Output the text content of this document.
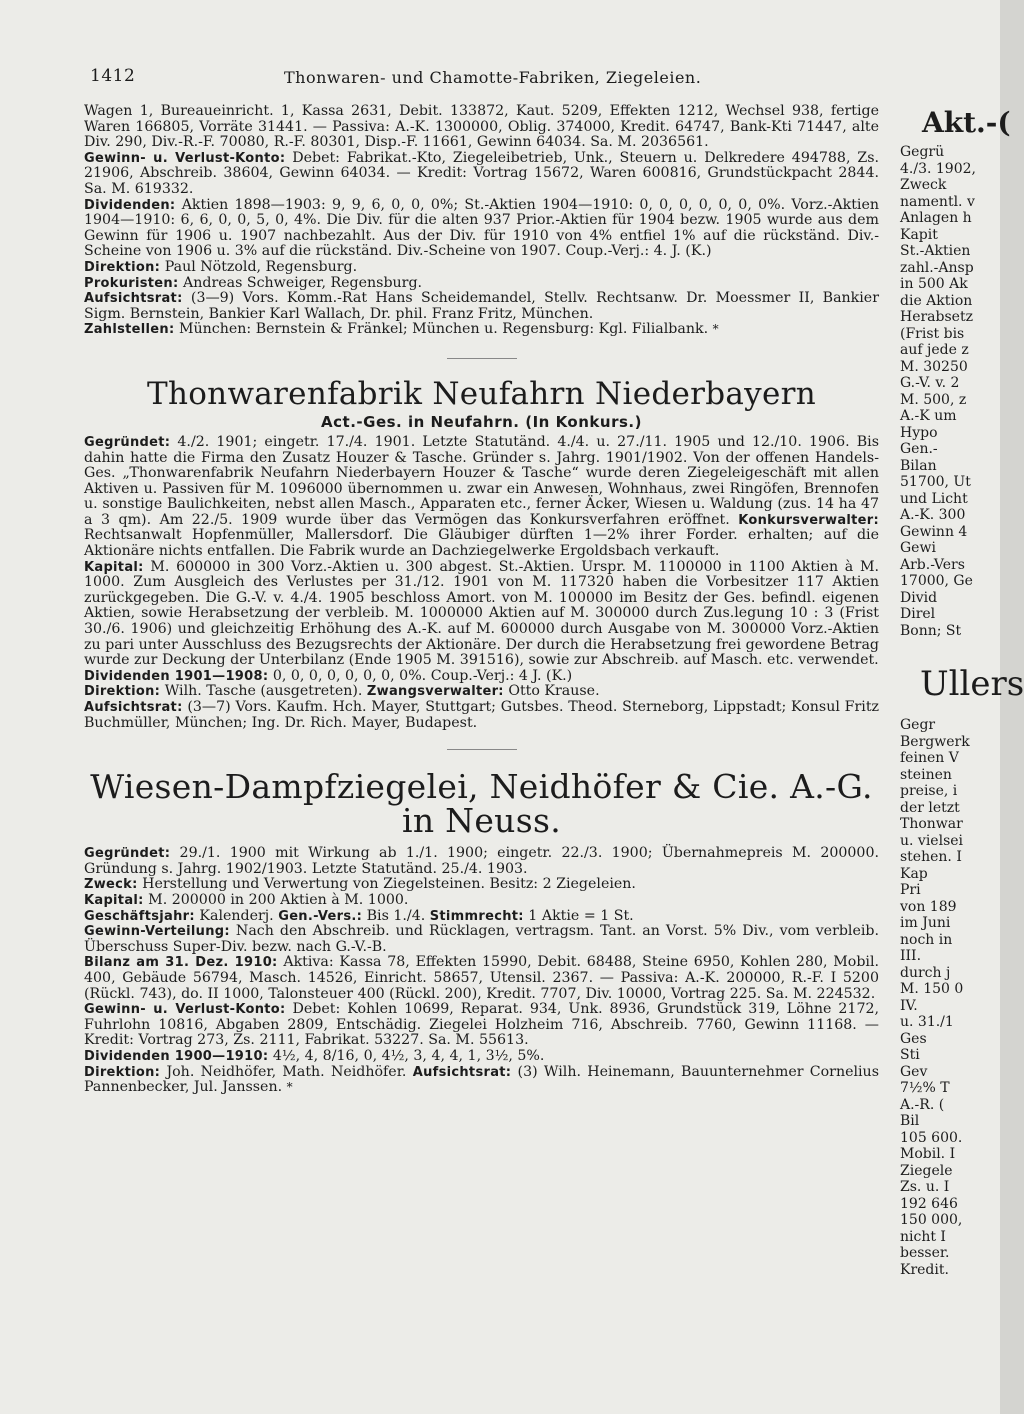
1412	Thonwaren- und Chamotte-Fabriken, Ziegeleien.

Wagen 1, Bureaueinricht. 1, Kassa 2631, Debit. 133872, Kaut. 5209, Effekten 1212, Wechsel 938, fertige Waren 166805, Vorräte 31441. — Passiva: A.-K. 1300000, Oblig. 374000, Kredit. 64747, Bank-Kti 71447, alte Div. 290, Div.-R.-F. 70080, R.-F. 80301, Disp.-F. 11661, Gewinn 64034. Sa. M. 2036561.

Gewinn- u. Verlust-Konto: Debet: Fabrikat.-Kto, Ziegeleibetrieb, Unk., Steuern u. Delkredere 494788, Zs. 21906, Abschreib. 38604, Gewinn 64034. — Kredit: Vortrag 15672, Waren 600816, Grundstückpacht 2844. Sa. M. 619332.

Dividenden: Aktien 1898—1903: 9, 9, 6, 0, 0, 0%; St.-Aktien 1904—1910: 0, 0, 0, 0, 0, 0, 0%. Vorz.-Aktien 1904—1910: 6, 6, 0, 0, 5, 0, 4%. Die Div. für die alten 937 Prior.-Aktien für 1904 bezw. 1905 wurde aus dem Gewinn für 1906 u. 1907 nachbezahlt. Aus der Div. für 1910 von 4% entfiel 1% auf die rückständ. Div.-Scheine von 1906 u. 3% auf die rückständ. Div.-Scheine von 1907. Coup.-Verj.: 4. J. (K.)

Direktion: Paul Nötzold, Regensburg.

Prokuristen: Andreas Schweiger, Regensburg.

Aufsichtsrat: (3—9) Vors. Komm.-Rat Hans Scheidemandel, Stellv. Rechtsanw. Dr. Moessmer II, Bankier Sigm. Bernstein, Bankier Karl Wallach, Dr. phil. Franz Fritz, München.

Zahlstellen: München: Bernstein & Fränkel; München u. Regensburg: Kgl. Filialbank. *

Thonwarenfabrik Neufahrn Niederbayern
Act.-Ges. in Neufahrn. (In Konkurs.)

Gegründet: 4./2. 1901; eingetr. 17./4. 1901. Letzte Statutänd. 4./4. u. 27./11. 1905 und 12./10. 1906. Bis dahin hatte die Firma den Zusatz Houzer & Tasche. Gründer s. Jahrg. 1901/1902. Von der offenen Handels-Ges. „Thonwarenfabrik Neufahrn Niederbayern Houzer & Tasche“ wurde deren Ziegeleigeschäft mit allen Aktiven u. Passiven für M. 1096000 übernommen u. zwar ein Anwesen, Wohnhaus, zwei Ringöfen, Brennofen u. sonstige Baulichkeiten, nebst allen Masch., Apparaten etc., ferner Äcker, Wiesen u. Waldung (zus. 14 ha 47 a 3 qm). Am 22./5. 1909 wurde über das Vermögen das Konkursverfahren eröffnet. Konkursverwalter: Rechtsanwalt Hopfenmüller, Mallersdorf. Die Gläubiger dürften 1—2% ihrer Forder. erhalten; auf die Aktionäre nichts entfallen. Die Fabrik wurde an Dachziegelwerke Ergoldsbach verkauft.

Kapital: M. 600000 in 300 Vorz.-Aktien u. 300 abgest. St.-Aktien. Urspr. M. 1100000 in 1100 Aktien à M. 1000. Zum Ausgleich des Verlustes per 31./12. 1901 von M. 117320 haben die Vorbesitzer 117 Aktien zurückgegeben. Die G.-V. v. 4./4. 1905 beschloss Amort. von M. 100000 im Besitz der Ges. befindl. eigenen Aktien, sowie Herabsetzung der verbleib. M. 1000000 Aktien auf M. 300000 durch Zus.legung 10 : 3 (Frist 30./6. 1906) und gleichzeitig Erhöhung des A.-K. auf M. 600000 durch Ausgabe von M. 300000 Vorz.-Aktien zu pari unter Ausschluss des Bezugsrechts der Aktionäre. Der durch die Herabsetzung frei gewordene Betrag wurde zur Deckung der Unterbilanz (Ende 1905 M. 391516), sowie zur Abschreib. auf Masch. etc. verwendet.

Dividenden 1901—1908: 0, 0, 0, 0, 0, 0, 0, 0%. Coup.-Verj.: 4 J. (K.)

Direktion: Wilh. Tasche (ausgetreten). Zwangsverwalter: Otto Krause.

Aufsichtsrat: (3—7) Vors. Kaufm. Hch. Mayer, Stuttgart; Gutsbes. Theod. Sterneborg, Lippstadt; Konsul Fritz Buchmüller, München; Ing. Dr. Rich. Mayer, Budapest.

Wiesen-Dampfziegelei, Neidhöfer & Cie. A.-G. in Neuss.

Gegründet: 29./1. 1900 mit Wirkung ab 1./1. 1900; eingetr. 22./3. 1900; Übernahmepreis M. 200000. Gründung s. Jahrg. 1902/1903. Letzte Statutänd. 25./4. 1903.

Zweck: Herstellung und Verwertung von Ziegelsteinen. Besitz: 2 Ziegeleien.

Kapital: M. 200000 in 200 Aktien à M. 1000.

Geschäftsjahr: Kalenderj. Gen.-Vers.: Bis 1./4. Stimmrecht: 1 Aktie = 1 St.

Gewinn-Verteilung: Nach den Abschreib. und Rücklagen, vertragsm. Tant. an Vorst. 5% Div., vom verbleib. Überschuss Super-Div. bezw. nach G.-V.-B.

Bilanz am 31. Dez. 1910: Aktiva: Kassa 78, Effekten 15990, Debit. 68488, Steine 6950, Kohlen 280, Mobil. 400, Gebäude 56794, Masch. 14526, Einricht. 58657, Utensil. 2367. — Passiva: A.-K. 200000, R.-F. I 5200 (Rückl. 743), do. II 1000, Talonsteuer 400 (Rückl. 200), Kredit. 7707, Div. 10000, Vortrag 225. Sa. M. 224532.

Gewinn- u. Verlust-Konto: Debet: Kohlen 10699, Reparat. 934, Unk. 8936, Grundstück 319, Löhne 2172, Fuhrlohn 10816, Abgaben 2809, Entschädig. Ziegelei Holzheim 716, Abschreib. 7760, Gewinn 11168. — Kredit: Vortrag 273, Zs. 2111, Fabrikat. 53227. Sa. M. 55613.

Dividenden 1900—1910: 4½, 4, 8/16, 0, 4½, 3, 4, 4, 1, 3½, 5%.

Direktion: Joh. Neidhöfer, Math. Neidhöfer. Aufsichtsrat: (3) Wilh. Heinemann, Bauunternehmer Cornelius Pannenbecker, Jul. Janssen. *

Akt.-(
Gegrü
4./3. 1902,
Zweck
namentl. v
Anlagen h
Kapit
St.-Aktien
zahl.-Ansp
in 500 Ak
die Aktion
Herabsetz
(Frist bis
auf jede z
M. 30250
G.-V. v. 2
M. 500, z
A.-K um
Hypo
Gen.-
Bilan
51700, Ut
und Licht
A.-K. 300
Gewinn 4
Gewi
Arb.-Vers
17000, Ge
Divid
Direl
Bonn; St
Ullers
Gegr
Bergwerk
feinen V
steinen
preise, i
der letzt
Thonwar
u. vielsei
stehen. I
Kap
Pri
von 189
im Juni
noch in
III.
durch j
M. 150 0
IV.
u. 31./1
Ges
Sti
Gev
7½% T
A.-R. (
Bil
105 600.
Mobil. I
Ziegele
Zs. u. I
192 646
150 000,
nicht I
besser.
Kredit.
